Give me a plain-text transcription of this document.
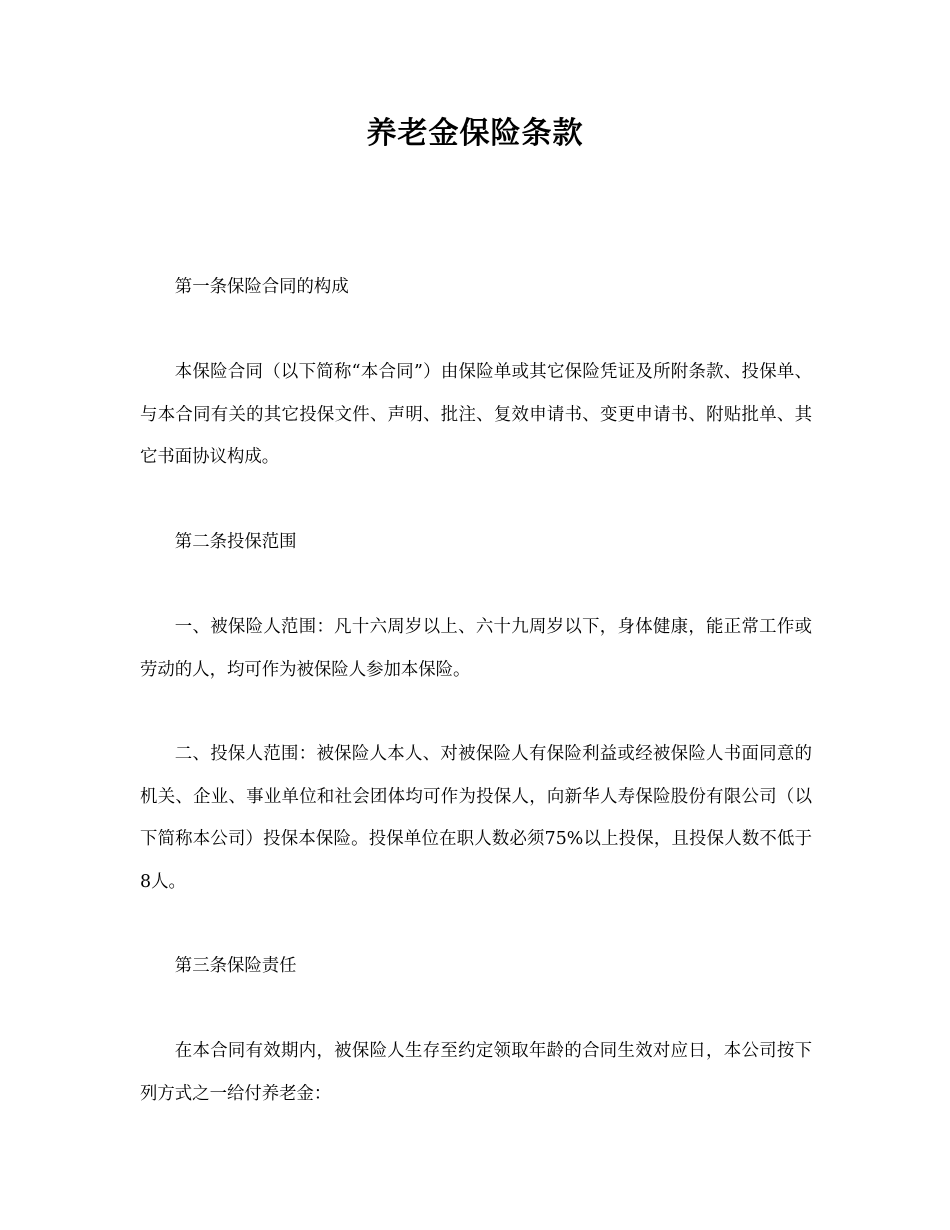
养老金保险条款

第一条保险合同的构成

本保险合同（以下简称“本合同”）由保险单或其它保险凭证及所附条款、投保单、与本合同有关的其它投保文件、声明、批注、复效申请书、变更申请书、附贴批单、其它书面协议构成。

第二条投保范围

一、被保险人范围：凡十六周岁以上、六十九周岁以下，身体健康，能正常工作或劳动的人，均可作为被保险人参加本保险。

二、投保人范围：被保险人本人、对被保险人有保险利益或经被保险人书面同意的机关、企业、事业单位和社会团体均可作为投保人，向新华人寿保险股份有限公司（以下简称本公司）投保本保险。投保单位在职人数必须75%以上投保，且投保人数不低于8人。

第三条保险责任

在本合同有效期内，被保险人生存至约定领取年龄的合同生效对应日，本公司按下列方式之一给付养老金：
